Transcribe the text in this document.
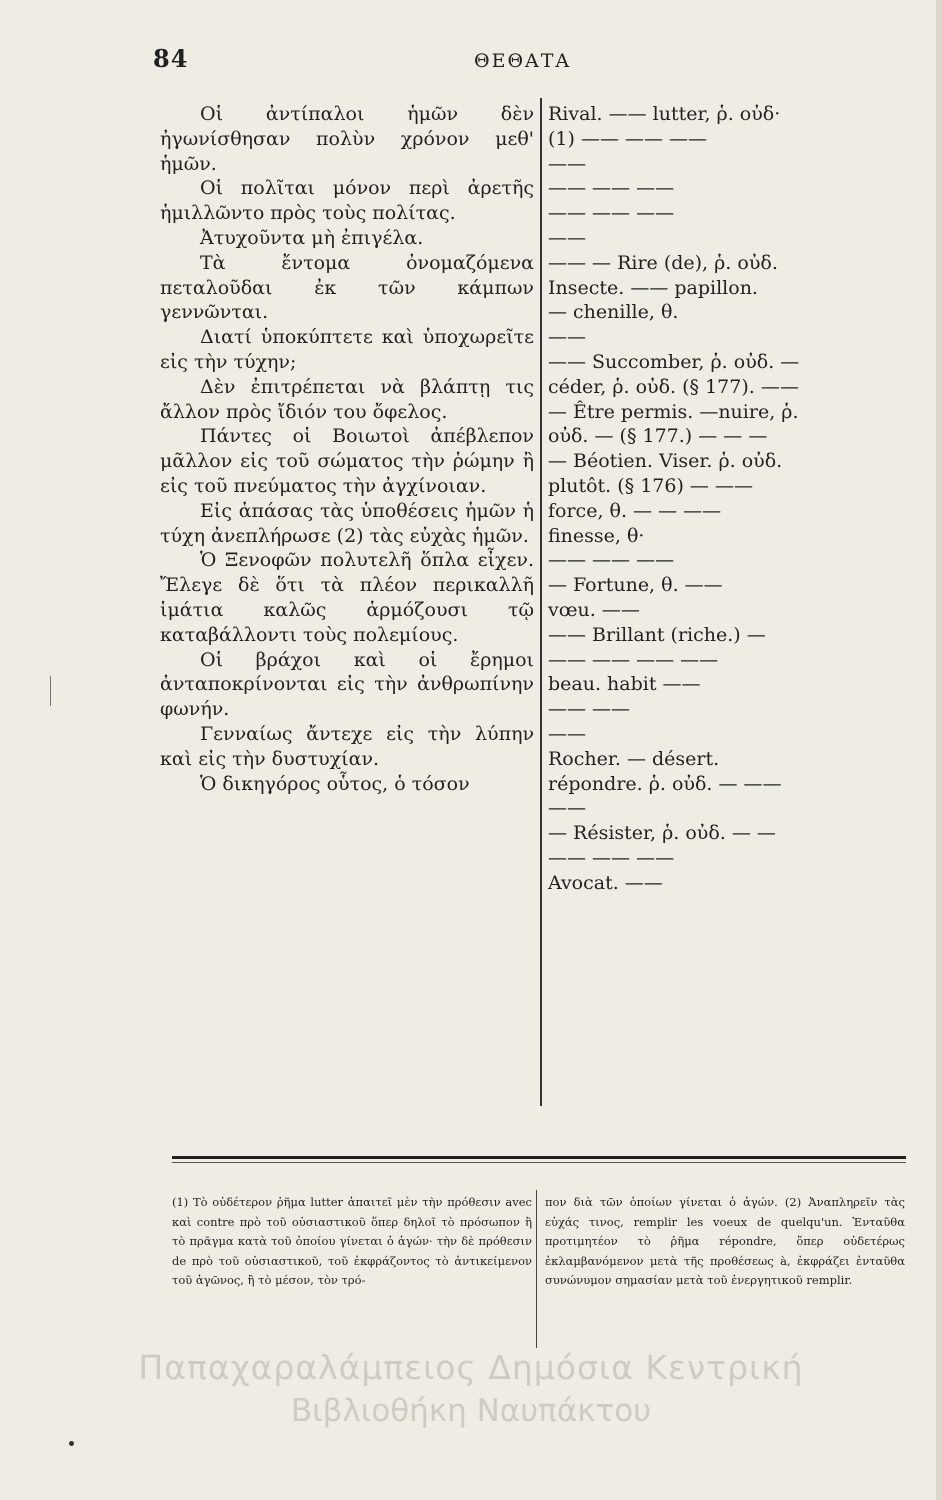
84	ΘΕΘΑΤΑ

Οἱ ἀντίπαλοι ἡμῶν δὲν ἠγωνίσθησαν πολὺν χρόνον μεθ' ἡμῶν.

Οἱ πολῖται μόνον περὶ ἀρετῆς ἡμιλλῶντο πρὸς τοὺς πολίτας.

Ἀτυχοῦντα μὴ ἐπιγέλα.

Τὰ ἔντομα ὀνομαζόμενα πεταλοῦδαι ἐκ τῶν κάμπων γεννῶνται.

Διατί ὑποκύπτετε καὶ ὑποχωρεῖτε εἰς τὴν τύχην;

Δὲν ἐπιτρέπεται νὰ βλάπτῃ τις ἄλλον πρὸς ἴδιόν του ὄφελος.

Πάντες οἱ Βοιωτοὶ ἀπέβλεπον μᾶλλον εἰς τοῦ σώματος τὴν ῥώμην ἢ εἰς τοῦ πνεύματος τὴν ἀγχίνοιαν.

Εἰς ἁπάσας τὰς ὑποθέσεις ἡμῶν ἡ τύχη ἀνεπλήρωσε (2) τὰς εὐχὰς ἡμῶν.

Ὁ Ξενοφῶν πολυτελῆ ὅπλα εἶχεν. Ἔλεγε δὲ ὅτι τὰ πλέον περικαλλῆ ἱμάτια καλῶς ἁρμόζουσι τῷ καταβάλλοντι τοὺς πολεμίους.

Οἱ βράχοι καὶ οἱ ἔρημοι ἀνταποκρίνονται εἰς τὴν ἀνθρωπίνην φωνήν.

Γενναίως ἄντεχε εἰς τὴν λύπην καὶ εἰς τὴν δυστυχίαν.

Ὁ δικηγόρος οὗτος, ὁ τόσον

Rival. —— lutter, ῥ. οὐδ·
(1) —— —— ——
——
—— —— ——
—— —— ——
——
—— — Rire (de), ῥ. οὐδ.
Insecte. —— papillon.
— chenille, θ.
——
—— Succomber, ῥ. οὐδ. —
céder, ῥ. οὐδ. (§ 177). ——
— Être permis. —nuire, ῥ.
οὐδ. — (§ 177.) — — —
— Béotien. Viser. ῥ. οὐδ.
plutôt. (§ 176) — ——
force, θ. — — ——
finesse, θ·
—— —— ——
— Fortune, θ. ——
vœu. ——
—— Brillant (riche.) —
—— —— —— ——
beau. habit ——
—— ——
——
Rocher. — désert.
répondre. ῥ. οὐδ. — ——
——
— Résister, ῥ. οὐδ. — —
—— —— ——
Avocat. ——

(1) Τὸ οὐδέτερον ῥῆμα lutter ἀπαιτεῖ μὲν τὴν πρόθεσιν avec καὶ contre πρὸ τοῦ οὐσιαστικοῦ ὅπερ δηλοῖ τὸ πρόσωπον ἢ τὸ πρᾶγμα κατὰ τοῦ ὁποίου γίνεται ὁ ἀγών· τὴν δὲ πρόθεσιν de πρὸ τοῦ οὐσιαστικοῦ, τοῦ ἐκφράζοντος τὸ ἀντικείμενον τοῦ ἀγῶνος, ἢ τὸ μέσον, τὸν τρό-

πον διὰ τῶν ὁποίων γίνεται ὁ ἀγών. (2) Ἀναπληρεῖν τὰς εὐχάς τινος, remplir les voeux de quelqu'un. Ἐνταῦθα προτιμητέον τὸ ῥῆμα répondre, ὅπερ οὐδετέρως ἐκλαμβανόμενον μετὰ τῆς προθέσεως à, ἐκφράζει ἐνταῦθα συνώνυμον σημασίαν μετὰ τοῦ ἐνεργητικοῦ remplir.

Παπαχαραλάμπειος Δημόσια Κεντρική
Βιβλιοθήκη Ναυπάκτου
